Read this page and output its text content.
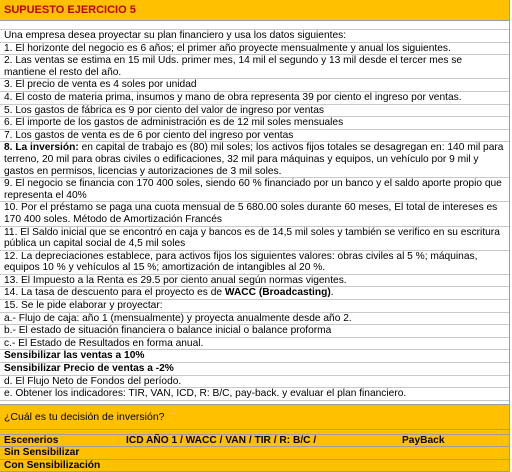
SUPUESTO EJERCICIO 5
Una empresa desea proyectar su plan financiero y usa los datos siguientes:
1. El horizonte del negocio es 6 años; el primer año proyecte mensualmente y anual los siguientes.
2. Las ventas se estima en 15 mil Uds. primer mes, 14 mil el segundo y 13 mil desde el tercer mes se mantiene el resto del año.
3. El precio de venta es 4 soles por unidad
4. El costo de materia prima, insumos y mano de obra representa 39 por ciento el ingreso por ventas.
5. Los gastos de fábrica es 9 por ciento del valor de ingreso por ventas
6. El importe de los gastos de administración es de 12 mil soles mensuales
7. Los gastos de venta es de 6 por ciento del ingreso por ventas
8. La inversión: en capital de trabajo es (80) mil soles; los activos fijos totales se desagregan en: 140 mil para terreno, 20 mil para obras civiles o edificaciones, 32 mil para máquinas y equipos, un vehículo por 9 mil y gastos en permisos, licencias y autorizaciones de 3 mil soles.
9. El negocio se financia con 170 400 soles, siendo 60 % financiado por un banco y el saldo aporte propio que representa el 40%
10. Por el préstamo se paga una cuota mensual de 5 680.00 soles durante 60 meses, El total de intereses es 170 400 soles. Método de Amortización Francés
11. El Saldo inicial que se encontró en caja y bancos es de 14,5 mil soles y también se verifico en su escritura pública un capital social de 4,5 mil soles
12. La depreciaciones establece, para activos fijos los siguientes valores: obras civiles al 5 %; máquinas, equipos 10 % y vehículos al 15 %; amortización de intangibles al 20 %.
13. El Impuesto a la Renta es 29.5 por ciento anual según normas vigentes.
14. La tasa de descuento para el proyecto es de WACC (Broadcasting).
15. Se le pide elaborar y proyectar:
a.- Flujo de caja: año 1 (mensualmente) y proyecta anualmente desde año 2.
b.- El estado de situación financiera o balance inicial o balance proforma
c.- El Estado de Resultados en forma anual.
Sensibilizar las ventas a 10%
Sensibilizar Precio de ventas a -2%
d. El Flujo Neto de Fondos del período.
e. Obtener los indicadores: TIR, VAN, ICD, R: B/C, pay-back. y evaluar el plan financiero.
¿Cuál es tu decisión de inversión?
Escenerios	ICD AÑO 1 / WACC / VAN / TIR / R: B/C /	PayBack
Sin Sensibilizar
Con Sensibilización
